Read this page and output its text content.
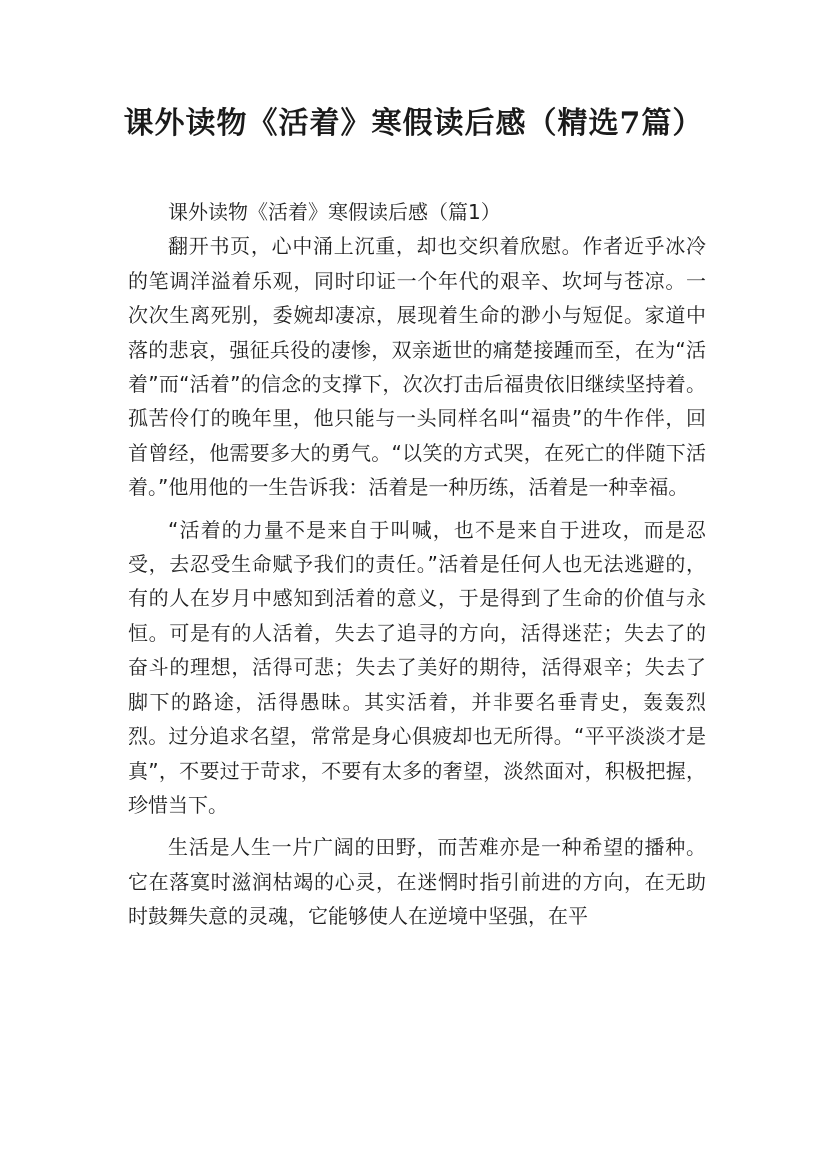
课外读物《活着》寒假读后感（精选7篇）

课外读物《活着》寒假读后感（篇1）

翻开书页，心中涌上沉重，却也交织着欣慰。作者近乎冰冷的笔调洋溢着乐观，同时印证一个年代的艰辛、坎坷与苍凉。一次次生离死别，委婉却凄凉，展现着生命的渺小与短促。家道中落的悲哀，强征兵役的凄惨，双亲逝世的痛楚接踵而至，在为“活着”而“活着”的信念的支撑下，次次打击后福贵依旧继续坚持着。孤苦伶仃的晚年里，他只能与一头同样名叫“福贵”的牛作伴，回首曾经，他需要多大的勇气。“以笑的方式哭，在死亡的伴随下活着。”他用他的一生告诉我：活着是一种历练，活着是一种幸福。

“活着的力量不是来自于叫喊，也不是来自于进攻，而是忍受，去忍受生命赋予我们的责任。”活着是任何人也无法逃避的，有的人在岁月中感知到活着的意义，于是得到了生命的价值与永恒。可是有的人活着，失去了追寻的方向，活得迷茫；失去了的奋斗的理想，活得可悲；失去了美好的期待，活得艰辛；失去了脚下的路途，活得愚昧。其实活着，并非要名垂青史，轰轰烈烈。过分追求名望，常常是身心俱疲却也无所得。“平平淡淡才是真”，不要过于苛求，不要有太多的奢望，淡然面对，积极把握，珍惜当下。

生活是人生一片广阔的田野，而苦难亦是一种希望的播种。它在落寞时滋润枯竭的心灵，在迷惘时指引前进的方向，在无助时鼓舞失意的灵魂，它能够使人在逆境中坚强，在平
